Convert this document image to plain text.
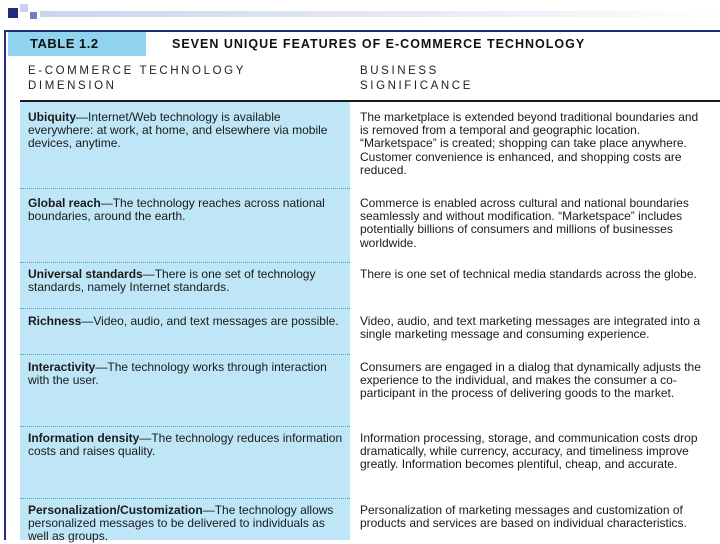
TABLE 1.2	SEVEN UNIQUE FEATURES OF E-COMMERCE TECHNOLOGY
E-COMMERCE TECHNOLOGY
DIMENSION
BUSINESS
SIGNIFICANCE
Ubiquity—Internet/Web technology is available everywhere: at work, at home, and elsewhere via mobile devices, anytime.
The marketplace is extended beyond traditional boundaries and is removed from a temporal and geographic location. “Marketspace” is created; shopping can take place anywhere. Customer convenience is enhanced, and shopping costs are reduced.
Global reach—The technology reaches across national boundaries, around the earth.
Commerce is enabled across cultural and national boundaries seamlessly and without modification. “Marketspace” includes potentially billions of consumers and millions of businesses worldwide.
Universal standards—There is one set of technology standards, namely Internet standards.
There is one set of technical media standards across the globe.
Richness—Video, audio, and text messages are possible.	Video, audio, and text marketing messages are integrated into a single marketing message and consuming experience.
Interactivity—The technology works through interaction with the user.
Consumers are engaged in a dialog that dynamically adjusts the experience to the individual, and makes the consumer a co-participant in the process of delivering goods to the market.
Information density—The technology reduces information costs and raises quality.
Information processing, storage, and communication costs drop dramatically, while currency, accuracy, and timeliness improve greatly. Information becomes plentiful, cheap, and accurate.
Personalization/Customization—The technology allows personalized messages to be delivered to individuals as well as groups.
Personalization of marketing messages and customization of products and services are based on individual characteristics.
